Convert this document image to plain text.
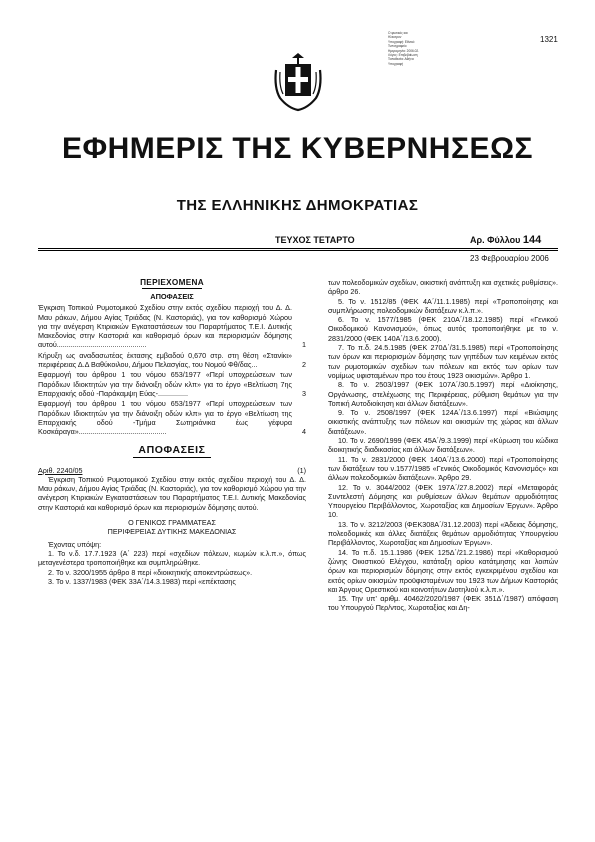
Ο φυσικός και
Ηλεκτρον
Υπογραφή: Εθνικό
Τυπογραφείο
Ημερομηνία: 2006.02.
Λόγος: Επιβεβαίωση
Τοποθεσία: Αθήνα
Υπογραφή
1321
ΕΦΗΜΕΡΙΣ ΤΗΣ ΚΥΒΕΡΝΗΣΕΩΣ
ΤΗΣ ΕΛΛΗΝΙΚΗΣ ΔΗΜΟΚΡΑΤΙΑΣ
ΤΕΥΧΟΣ ΤΕΤΑΡΤΟ	Αρ. Φύλλου 144
23 Φεβρουαρίου 2006
ΠΕΡΙΕΧΟΜΕΝΑ
ΑΠΟΦΑΣΕΙΣ
Έγκριση Τοπικού Ρυμοτομικού Σχεδίου στην εκτός σχεδίου περιοχή του Δ. Δ. Μαυ ράκων, Δήμου Αγίας Τριάδας (Ν. Καστοριάς), για τον καθορισμό Χώρου για την ανέγερση Κτιριακών Εγκαταστάσεων του Παραρτήματος Τ.Ε.Ι. Δυτικής Μακεδονίας στην Καστοριά και καθορισμό όρων και περιορισμών δόμησης αυτού.............................................	1
Κήρυξη ως αναδασωτέας έκτασης εμβαδού 0,670 στρ. στη θέση «Στανίκι» περιφέρειας Δ.Δ Βαθύκοιλου, Δήμου Πελασγίας, του Νομού Φθ/δας...	2
Εφαρμογή του άρθρου 1 του νόμου 653/1977 «Περί υποχρεώσεων των Παρόδιων Ιδιοκτητών για την διάνοιξη οδών κλπ» για το έργο «Βελτίωση 7ης Επαρχιακής οδού -Παράκαμψη Εύας-...............	3
Εφαρμογή του άρθρου 1 του νόμου 653/1977 «Περί υποχρεώσεων των Παρόδιων Ιδιοκτητών για την διάνοιξη οδών κλπ» για το έργο «Βελτίωση της Επαρχιακής οδού -Τμήμα Σωτηριάνικα έως γέφυρα Κοσκάραγα»............................................	4
ΑΠΟΦΑΣΕΙΣ
Αριθ. 2240/05	(1)
Έγκριση Τοπικού Ρυμοτομικού Σχεδίου στην εκτός σχεδίου περιοχή του Δ. Δ. Μαυ ράκων, Δήμου Αγίας Τριάδας (Ν. Καστοριάς), για τον καθορισμό Χώρου για την ανέγερση Κτιριακών Εγκαταστάσεων του Παραρτήματος Τ.Ε.Ι. Δυτικής Μακεδονίας στην Καστοριά και καθορισμό όρων και περιορισμών δόμησης αυτού.
Ο ΓΕΝΙΚΟΣ ΓΡΑΜΜΑΤΕΑΣ
ΠΕΡΙΦΕΡΕΙΑΣ ΔΥΤΙΚΗΣ ΜΑΚΕΔΟΝΙΑΣ
Έχοντας υπόψη:
1. Το ν.δ. 17.7.1923 (Α΄ 223) περί «σχεδίων πόλεων, κωμών κ.λ.π.», όπως μεταγενέστερα τροποποιήθηκε και συμπληρώθηκε.
2. Το ν. 3200/1955 άρθρο 8 περί «διοικητικής αποκεντρώσεως».
3. Το ν. 1337/1983 (ΦΕΚ 33Α΄/14.3.1983) περί «επέκτασης
των πολεοδομικών σχεδίων, οικιστική ανάπτυξη και σχετικές ρυθμίσεις». άρθρο 26.
5. Το ν. 1512/85 (ΦΕΚ 4Α΄/11.1.1985) περί «Τροποποίησης και συμπλήρωσης πολεοδομικών διατάξεων κ.λ.π.».
6. Το ν. 1577/1985 (ΦΕΚ 210Α΄/18.12.1985) περί «Γενικού Οικοδομικού Κανονισμού», όπως αυτός τροποποιήθηκε με το ν. 2831/2000 (ΦΕΚ 140Α΄/13.6.2000).
7. Το π.δ. 24.5.1985 (ΦΕΚ 270Δ΄/31.5.1985) περί «Τροποποίησης των όρων και περιορισμών δόμησης των γηπέδων των κειμένων εκτός των ρυμοτομικών σχεδίων των πόλεων και εκτός των ορίων των νομίμως υφισταμένων προ του έτους 1923 οικισμών». Άρθρο 1.
8. Το ν. 2503/1997 (ΦΕΚ 107Α΄/30.5.1997) περί «Διοίκησης, Οργάνωσης, στελέχωσης της Περιφέρειας, ρύθμιση θεμάτων για την Τοπική Αυτοδιοίκηση και άλλων διατάξεων».
9. Το ν. 2508/1997 (ΦΕΚ 124Α΄/13.6.1997) περί «Βιώσιμης οικιστικής ανάπτυξης των πόλεων και οικισμών της χώρας και άλλων διατάξεων».
10. Το ν. 2690/1999 (ΦΕΚ 45Α΄/9.3.1999) περί «Κύρωση του κώδικα διοικητικής διαδικασίας και άλλων διατάξεων».
11. Το ν. 2831/2000 (ΦΕΚ 140Α΄/13.6.2000) περί «Τροποποίησης των διατάξεων του ν.1577/1985 «Γενικός Οικοδομικός Κανονισμός» και άλλων πολεοδομικών διατάξεων». Άρθρο 29.
12. Το ν. 3044/2002 (ΦΕΚ 197Α΄/27.8.2002) περί «Μεταφοράς Συντελεστή Δόμησης και ρυθμίσεων άλλων θεμάτων αρμοδιότητας Υπουργείου Περιβάλλοντος, Χωροταξίας και Δημοσίων Έργων». Άρθρο 10.
13. Το ν. 3212/2003 (ΦΕΚ308Α΄/31.12.2003) περί «Άδειας δόμησης, πολεοδομικές και άλλες διατάξεις θεμάτων αρμοδιότητας Υπουργείου Περιβάλλοντος, Χωροταξίας και Δημοσίων Έργων».
14. Το π.δ. 15.1.1986 (ΦΕΚ 125Δ΄/21.2.1986) περί «Καθορισμού ζώνης Οικιστικού Ελέγχου, κατάταξη ορίου κατάτμησης και λοιπών όρων και περιορισμών δόμησης στην εκτός εγκεκριμένου σχεδίου και εκτός ορίων οικισμών προϋφισταμένων του 1923 των Δήμων Καστοριάς και Άργους Ορεστικού και κοινοτήτων Διοτηλιού κ.λ.π.».
15. Την υπ’ αριθμ. 40462/2020/1987 (ΦΕΚ 351Δ΄/1987) απόφαση του Υπουργού Περ/ντος, Χωροταξίας και Δη-
